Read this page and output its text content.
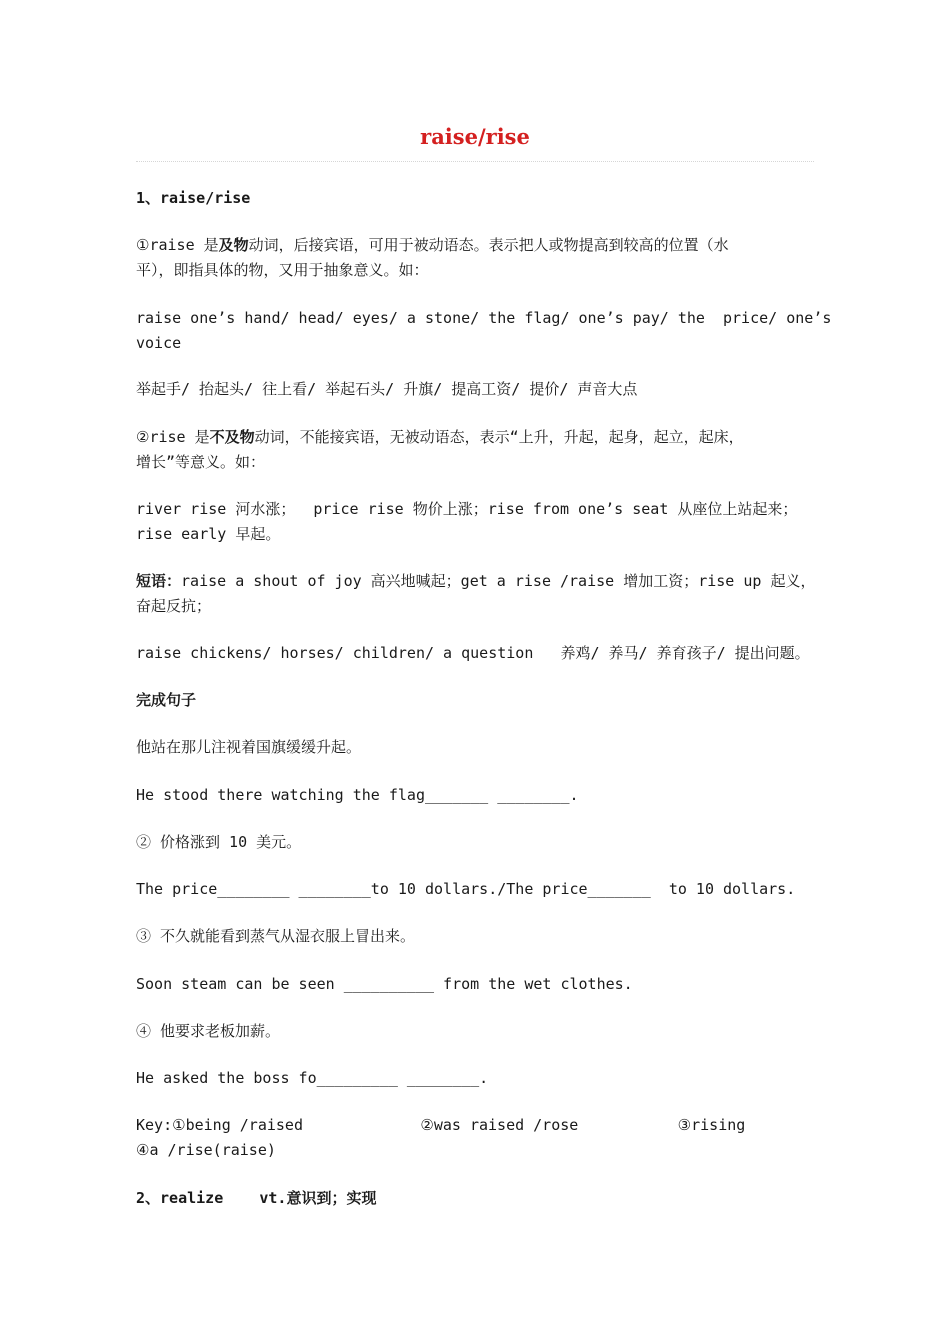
raise/rise
1、raise/rise
①raise 是及物动词，后接宾语，可用于被动语态。表示把人或物提高到较高的位置（水
平），即指具体的物，又用于抽象意义。如：
raise one’s hand/ head/ eyes/ a stone/ the flag/ one’s pay/ the  price/ one’s
voice
举起手/ 抬起头/ 往上看/ 举起石头/ 升旗/ 提高工资/ 提价/ 声音大点
②rise 是不及物动词，不能接宾语，无被动语态，表示“上升，升起，起身，起立，起床，
增长”等意义。如：
river rise 河水涨；  price rise 物价上涨；rise from one’s seat 从座位上站起来；
rise early 早起。
短语：raise a shout of joy 高兴地喊起；get a rise /raise 增加工资；rise up 起义，
奋起反抗；
raise chickens/ horses/ children/ a question   养鸡/ 养马/ 养育孩子/ 提出问题。
完成句子
他站在那儿注视着国旗缓缓升起。
He stood there watching the flag_______ ________.
② 价格涨到 10 美元。
The price________ ________to 10 dollars./The price_______  to 10 dollars.
③ 不久就能看到蒸气从湿衣服上冒出来。
Soon steam can be seen __________ from the wet clothes.
④ 他要求老板加薪。
He asked the boss fo_________ ________.
Key:①being /raised             ②was raised /rose           ③rising
④a /rise(raise)
2、realize    vt.意识到；实现
